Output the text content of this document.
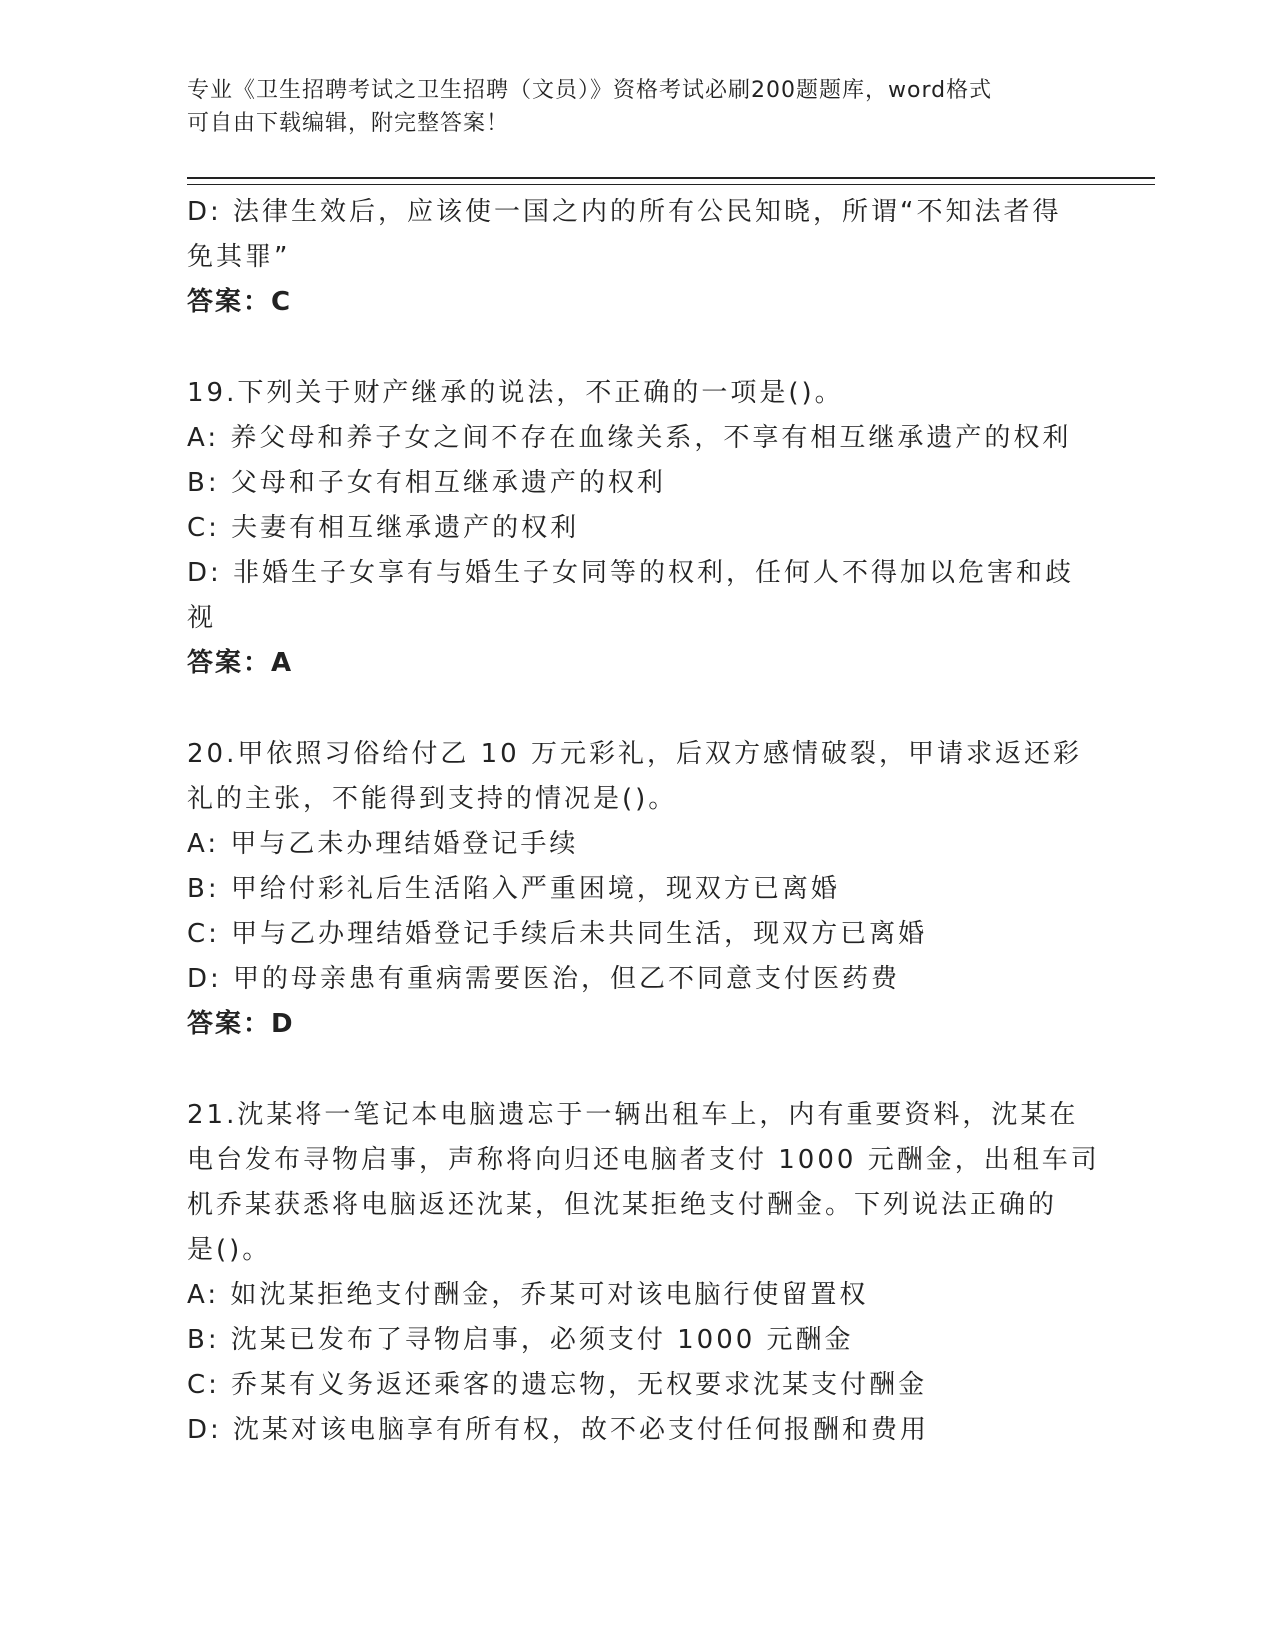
专业《卫生招聘考试之卫生招聘（文员）》资格考试必刷200题题库，word格式
可自由下载编辑，附完整答案！
D: 法律生效后，应该使一国之内的所有公民知晓，所谓“不知法者得
免其罪”
答案：C
19.下列关于财产继承的说法，不正确的一项是()。
A: 养父母和养子女之间不存在血缘关系，不享有相互继承遗产的权利
B: 父母和子女有相互继承遗产的权利
C: 夫妻有相互继承遗产的权利
D: 非婚生子女享有与婚生子女同等的权利，任何人不得加以危害和歧
视
答案：A
20.甲依照习俗给付乙 10 万元彩礼，后双方感情破裂，甲请求返还彩
礼的主张，不能得到支持的情况是()。
A: 甲与乙未办理结婚登记手续
B: 甲给付彩礼后生活陷入严重困境，现双方已离婚
C: 甲与乙办理结婚登记手续后未共同生活，现双方已离婚
D: 甲的母亲患有重病需要医治，但乙不同意支付医药费
答案：D
21.沈某将一笔记本电脑遗忘于一辆出租车上，内有重要资料，沈某在
电台发布寻物启事，声称将向归还电脑者支付 1000 元酬金，出租车司
机乔某获悉将电脑返还沈某，但沈某拒绝支付酬金。下列说法正确的
是()。
A: 如沈某拒绝支付酬金，乔某可对该电脑行使留置权
B: 沈某已发布了寻物启事，必须支付 1000 元酬金
C: 乔某有义务返还乘客的遗忘物，无权要求沈某支付酬金
D: 沈某对该电脑享有所有权，故不必支付任何报酬和费用
